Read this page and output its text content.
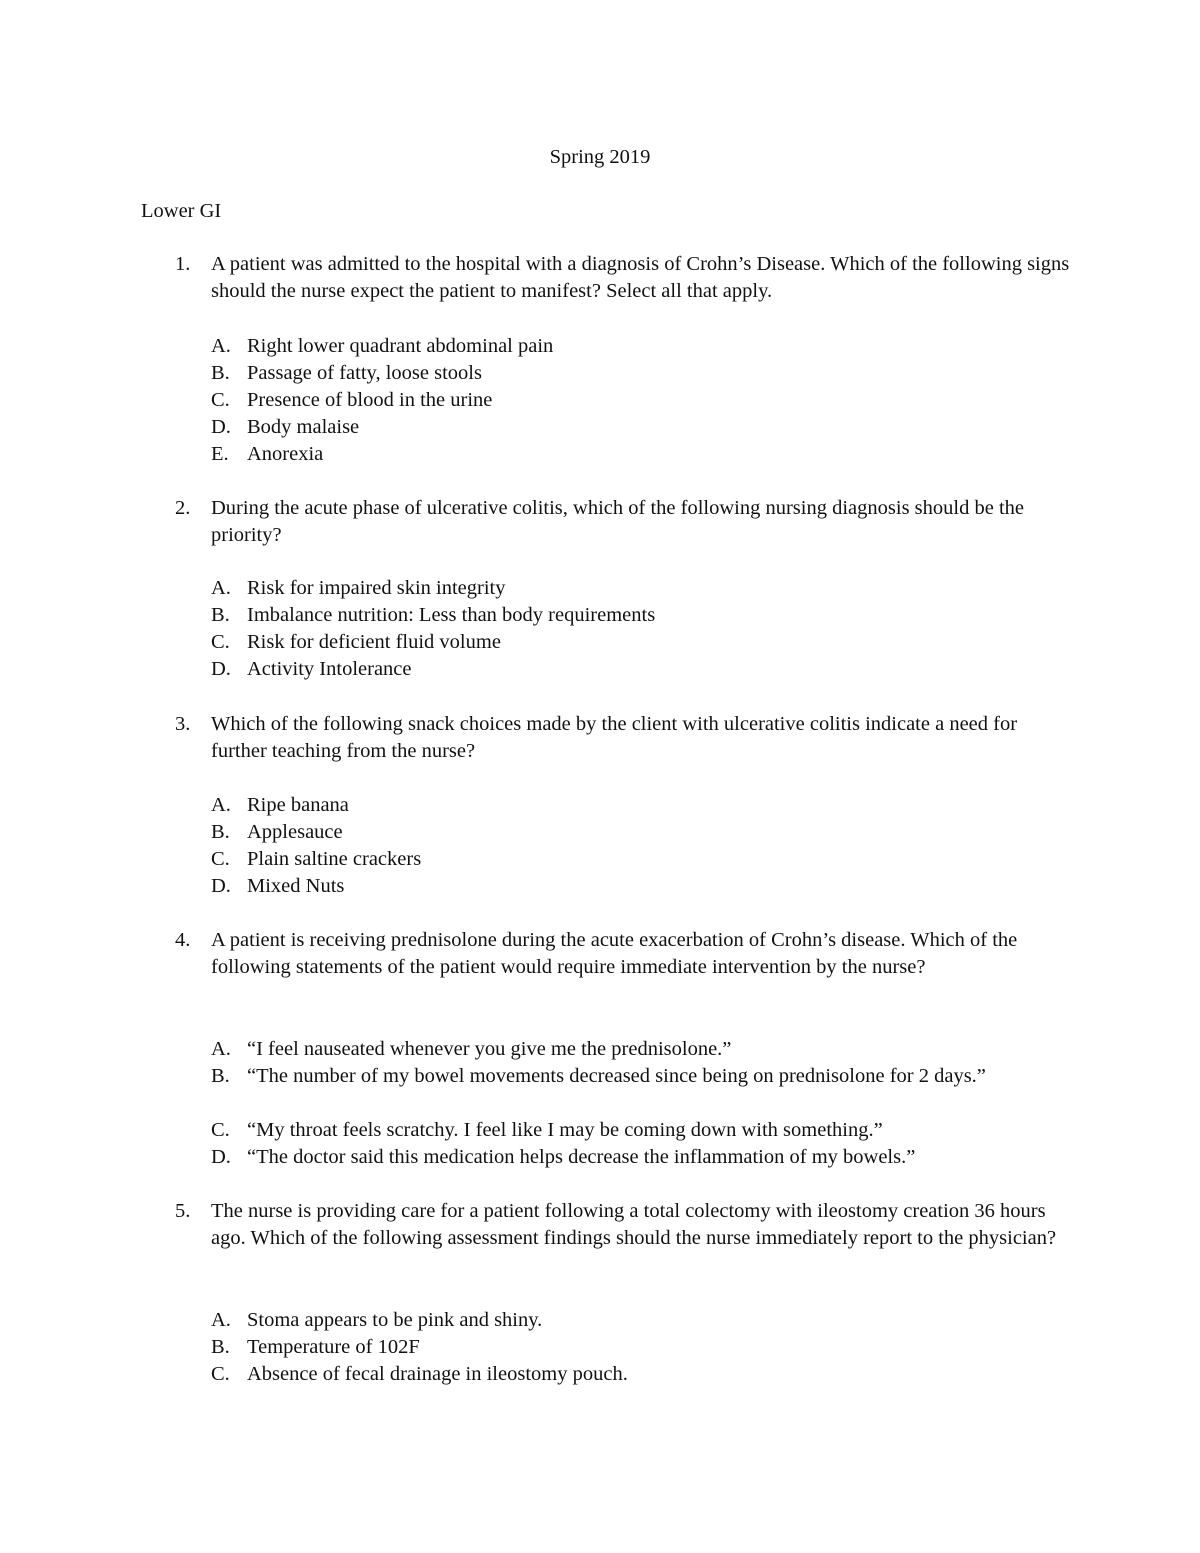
Spring 2019
Lower GI
1. A patient was admitted to the hospital with a diagnosis of Crohn’s Disease. Which of the following signs should the nurse expect the patient to manifest? Select all that apply.
A. Right lower quadrant abdominal pain
B. Passage of fatty, loose stools
C. Presence of blood in the urine
D. Body malaise
E. Anorexia
2. During the acute phase of ulcerative colitis, which of the following nursing diagnosis should be the priority?
A. Risk for impaired skin integrity
B. Imbalance nutrition: Less than body requirements
C. Risk for deficient fluid volume
D. Activity Intolerance
3. Which of the following snack choices made by the client with ulcerative colitis indicate a need for further teaching from the nurse?
A. Ripe banana
B. Applesauce
C. Plain saltine crackers
D. Mixed Nuts
4. A patient is receiving prednisolone during the acute exacerbation of Crohn’s disease. Which of the following statements of the patient would require immediate intervention by the nurse?
A. “I feel nauseated whenever you give me the prednisolone.”
B. “The number of my bowel movements decreased since being on prednisolone for 2 days.”
C. “My throat feels scratchy. I feel like I may be coming down with something.”
D. “The doctor said this medication helps decrease the inflammation of my bowels.”
5. The nurse is providing care for a patient following a total colectomy with ileostomy creation 36 hours ago. Which of the following assessment findings should the nurse immediately report to the physician?
A. Stoma appears to be pink and shiny.
B. Temperature of 102F
C. Absence of fecal drainage in ileostomy pouch.
